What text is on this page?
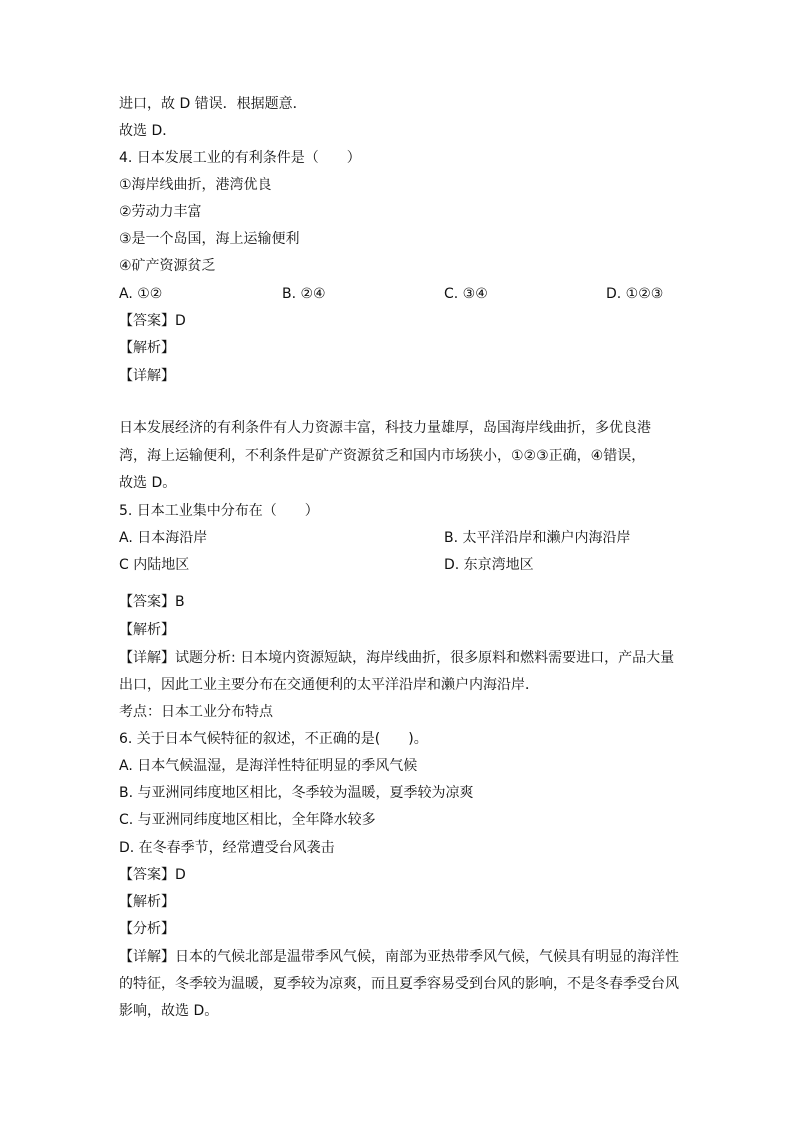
进口，故 D 错误．根据题意．
故选 D．
4. 日本发展工业的有利条件是（　　）
①海岸线曲折，港湾优良
②劳动力丰富
③是一个岛国，海上运输便利
④矿产资源贫乏
A. ①②	B. ②④	C. ③④	D. ①②③
【答案】D
【解析】
【详解】
日本发展经济的有利条件有人力资源丰富，科技力量雄厚，岛国海岸线曲折，多优良港
湾，海上运输便利，不利条件是矿产资源贫乏和国内市场狭小，①②③正确，④错误，
故选 D。
5. 日本工业集中分布在（　　）
A. 日本海沿岸	B. 太平洋沿岸和濑户内海沿岸
C 内陆地区	D. 东京湾地区
【答案】B
【解析】
【详解】试题分析: 日本境内资源短缺，海岸线曲折，很多原料和燃料需要进口，产品大量
出口，因此工业主要分布在交通便利的太平洋沿岸和濑户内海沿岸．
考点：日本工业分布特点
6. 关于日本气候特征的叙述，不正确的是(　　)。
A. 日本气候温湿，是海洋性特征明显的季风气候
B. 与亚洲同纬度地区相比，冬季较为温暖，夏季较为凉爽
C. 与亚洲同纬度地区相比，全年降水较多
D. 在冬春季节，经常遭受台风袭击
【答案】D
【解析】
【分析】
【详解】日本的气候北部是温带季风气候，南部为亚热带季风气候，气候具有明显的海洋性
的特征，冬季较为温暖，夏季较为凉爽，而且夏季容易受到台风的影响，不是冬春季受台风
影响，故选 D。
